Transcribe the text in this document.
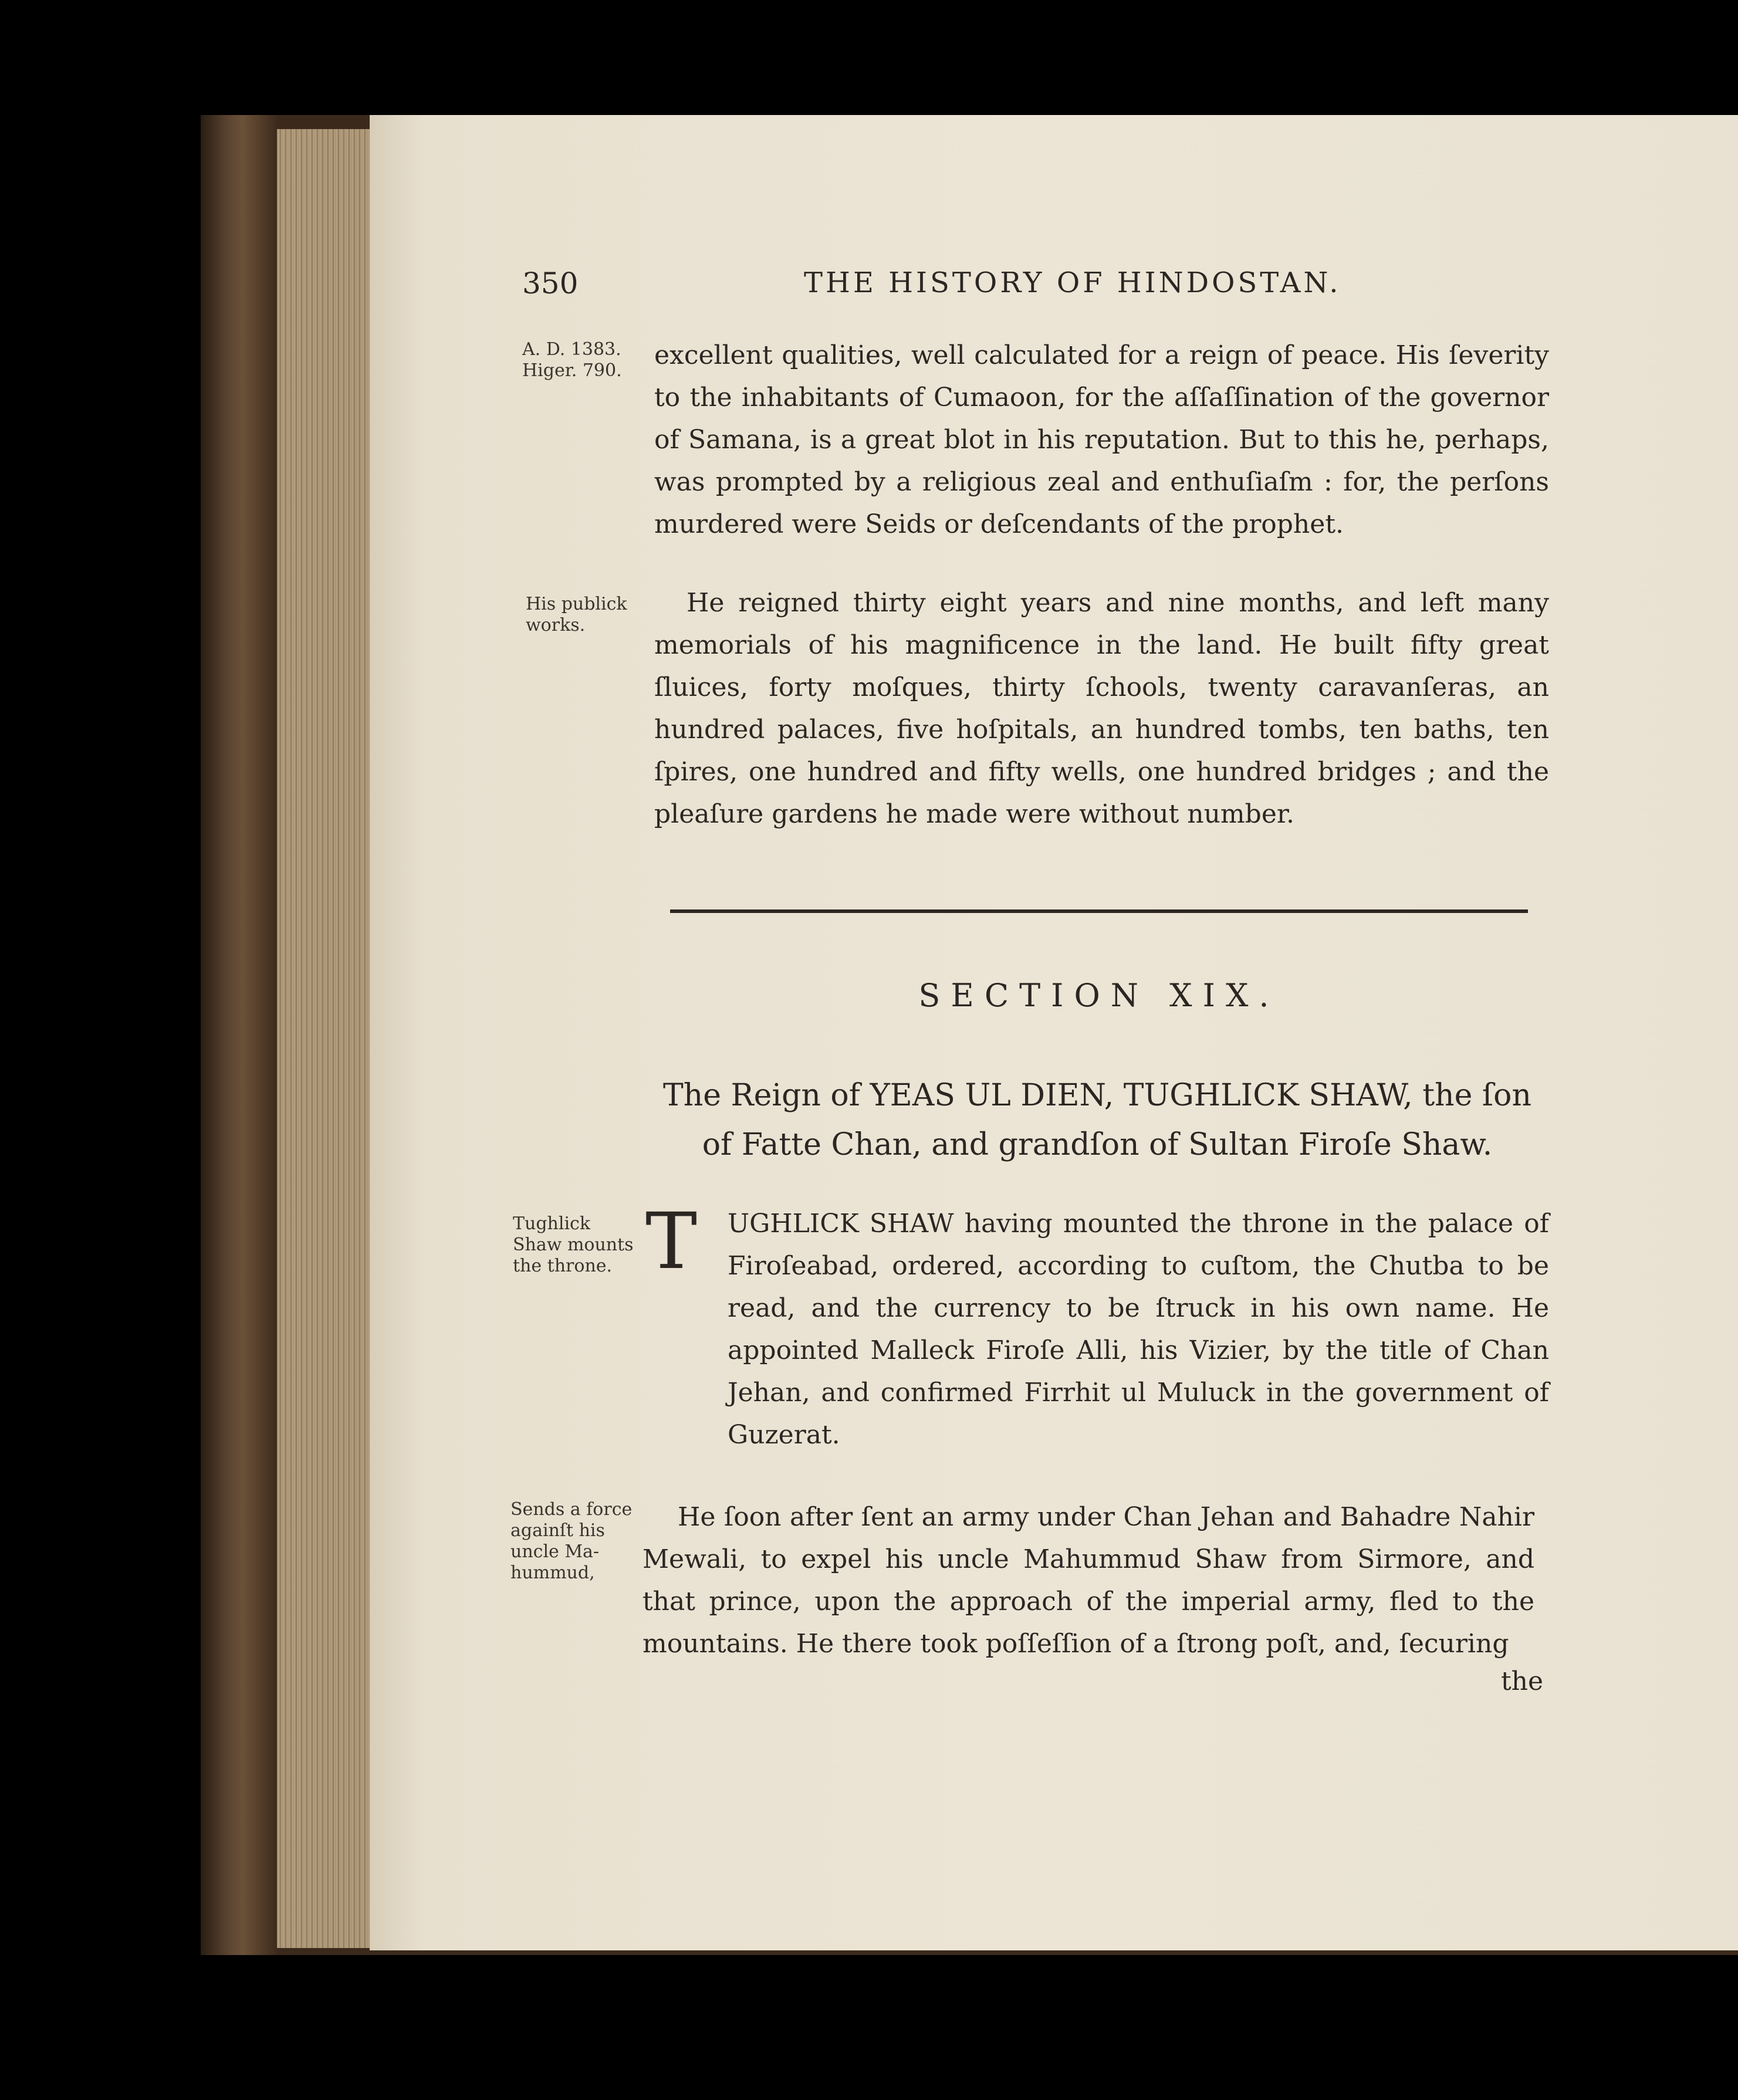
350	THE HISTORY OF HINDOSTAN.
A. D. 1383.
Higer. 790.

excellent qualities, well calculated for a reign of peace. His ſeverity to the inhabitants of Cumaoon, for the aſſaſſination of the governor of Samana, is a great blot in his reputation. But to this he, perhaps, was prompted by a religious zeal and enthuſiaſm : for, the perſons murdered were Seids or deſcendants of the prophet.

His publick
works.

He reigned thirty eight years and nine months, and left many memorials of his magnificence in the land. He built fifty great ſluices, forty moſques, thirty ſchools, twenty caravanſeras, an hundred palaces, five hoſpitals, an hundred tombs, ten baths, ten ſpires, one hundred and fifty wells, one hundred bridges ; and the pleaſure gardens he made were without number.

SECTION XIX.
The Reign of YEAS UL DIEN, TUGHLICK SHAW, the ſon
of Fatte Chan, and grandſon of Sultan Firoſe Shaw.
Tughlick
Shaw mounts
the throne. T UGHLICK SHAW having mounted the throne in the palace of Firoſeabad, ordered, according to cuſtom, the Chutba to be read, and the currency to be ſtruck in his own name. He appointed Malleck Firoſe Alli, his Vizier, by the title of Chan Jehan, and confirmed Firrhit ul Muluck in the government of Guzerat.

Sends a force
againſt his
uncle Ma-
hummud,

He ſoon after ſent an army under Chan Jehan and Bahadre Nahir Mewali, to expel his uncle Mahummud Shaw from Sirmore, and that prince, upon the approach of the imperial army, fled to the mountains. He there took poſſeſſion of a ſtrong poſt, and, ſecuring

the
